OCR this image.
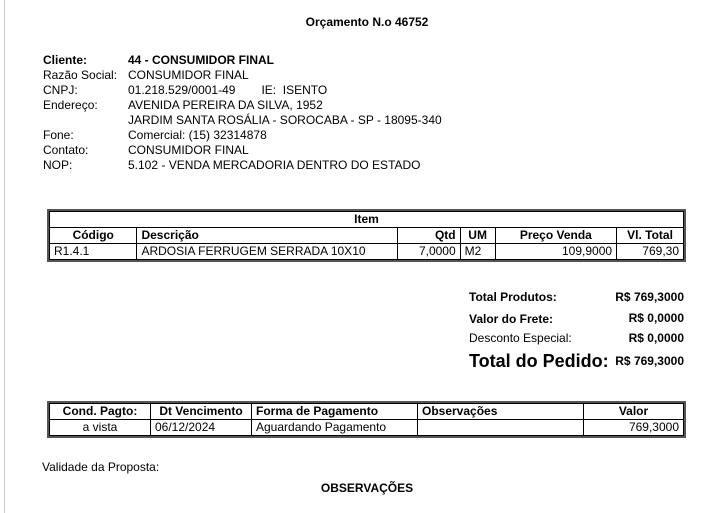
Orçamento N.o 46752
Cliente:	44 - CONSUMIDOR FINAL
Razão Social: CONSUMIDOR FINAL
CNPJ:	01.218.529/0001-49 IE: ISENTO
Endereço:	AVENIDA PEREIRA DA SILVA, 1952
JARDIM SANTA ROSÁLIA - SOROCABA - SP - 18095-340
Fone:	Comercial: (15) 32314878
Contato:	CONSUMIDOR FINAL
NOP:	5.102 - VENDA MERCADORIA DENTRO DO ESTADO
Item					
Código	Descrição	Qtd	UM	Preço Venda	Vl. Total
R1.4.1	ARDOSIA FERRUGEM SERRADA 10X10	7,0000	M2	109,9000	769,30
Total Produtos:	R$ 769,3000
Valor do Frete:	R$ 0,0000
Desconto Especial:	R$ 0,0000
Total do Pedido: R$ 769,3000
Cond. Pagto:	Dt Vencimento	Forma de Pagamento	Observações	Valor
a vista	06/12/2024	Aguardando Pagamento		769,3000
Validade da Proposta:
OBSERVAÇÕES
